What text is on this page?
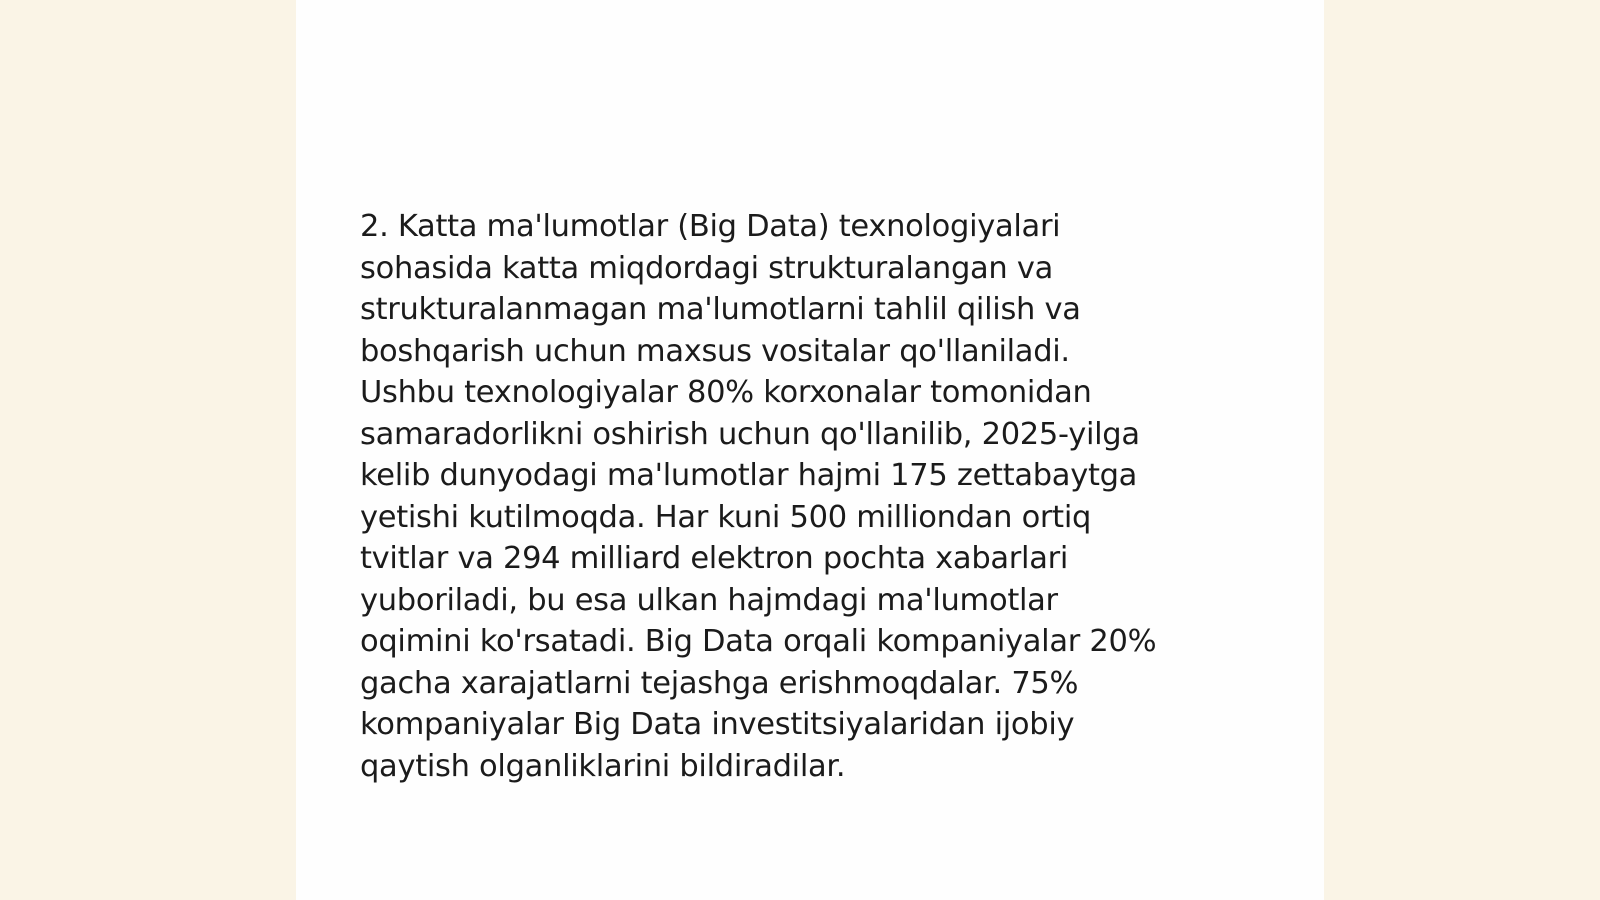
2. Katta ma'lumotlar (Big Data) texnologiyalari
sohasida katta miqdordagi strukturalangan va
strukturalanmagan ma'lumotlarni tahlil qilish va
boshqarish uchun maxsus vositalar qo'llaniladi.
Ushbu texnologiyalar 80% korxonalar tomonidan
samaradorlikni oshirish uchun qo'llanilib, 2025-yilga
kelib dunyodagi ma'lumotlar hajmi 175 zettabaytga
yetishi kutilmoqda. Har kuni 500 milliondan ortiq
tvitlar va 294 milliard elektron pochta xabarlari
yuboriladi, bu esa ulkan hajmdagi ma'lumotlar
oqimini ko'rsatadi. Big Data orqali kompaniyalar 20%
gacha xarajatlarni tejashga erishmoqdalar. 75%
kompaniyalar Big Data investitsiyalaridan ijobiy
qaytish olganliklarini bildiradilar.
